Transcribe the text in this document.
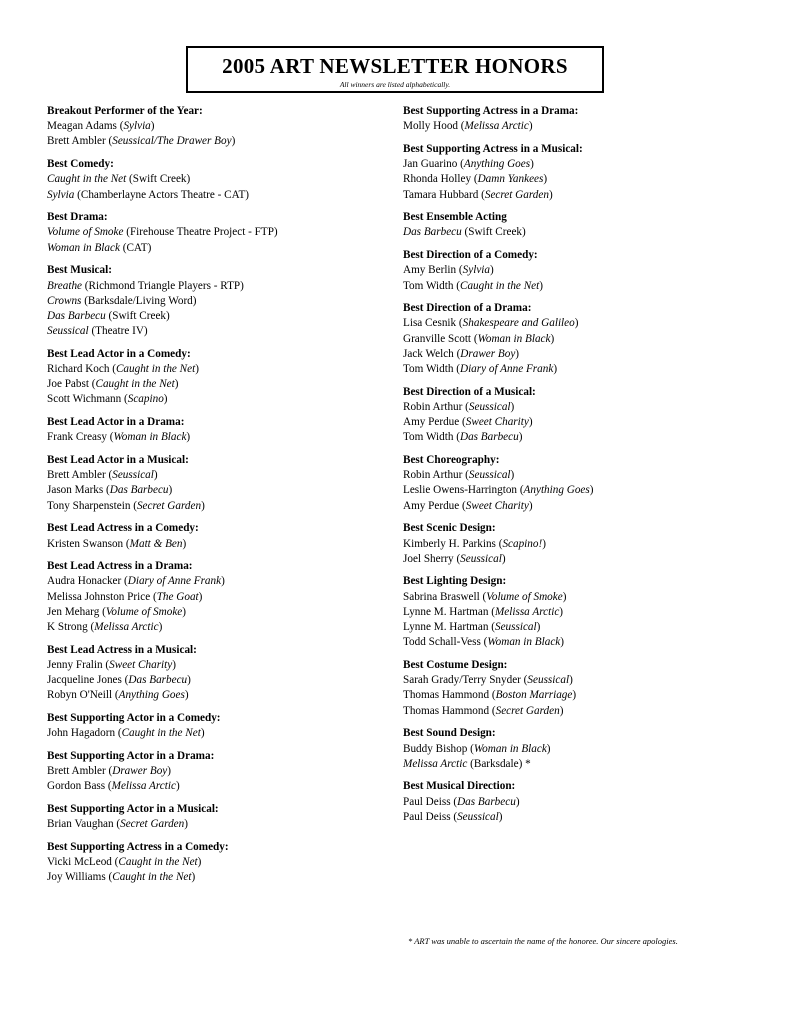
2005 ART NEWSLETTER HONORS
All winners are listed alphabetically.
Breakout Performer of the Year:
Meagan Adams (Sylvia)
Brett Ambler (Seussical/The Drawer Boy)
Best Comedy:
Caught in the Net (Swift Creek)
Sylvia (Chamberlayne Actors Theatre - CAT)
Best Drama:
Volume of Smoke (Firehouse Theatre Project - FTP)
Woman in Black (CAT)
Best Musical:
Breathe (Richmond Triangle Players - RTP)
Crowns (Barksdale/Living Word)
Das Barbecu (Swift Creek)
Seussical (Theatre IV)
Best Lead Actor in a Comedy:
Richard Koch (Caught in the Net)
Joe Pabst (Caught in the Net)
Scott Wichmann (Scapino)
Best Lead Actor in a Drama:
Frank Creasy (Woman in Black)
Best Lead Actor in a Musical:
Brett Ambler (Seussical)
Jason Marks (Das Barbecu)
Tony Sharpenstein (Secret Garden)
Best Lead Actress in a Comedy:
Kristen Swanson (Matt & Ben)
Best Lead Actress in a Drama:
Audra Honacker (Diary of Anne Frank)
Melissa Johnston Price (The Goat)
Jen Meharg (Volume of Smoke)
K Strong (Melissa Arctic)
Best Lead Actress in a Musical:
Jenny Fralin (Sweet Charity)
Jacqueline Jones (Das Barbecu)
Robyn O'Neill (Anything Goes)
Best Supporting Actor in a Comedy:
John Hagadorn (Caught in the Net)
Best Supporting Actor in a Drama:
Brett Ambler (Drawer Boy)
Gordon Bass (Melissa Arctic)
Best Supporting Actor in a Musical:
Brian Vaughan (Secret Garden)
Best Supporting Actress in a Comedy:
Vicki McLeod (Caught in the Net)
Joy Williams (Caught in the Net)
Best Supporting Actress in a Drama:
Molly Hood (Melissa Arctic)
Best Supporting Actress in a Musical:
Jan Guarino (Anything Goes)
Rhonda Holley (Damn Yankees)
Tamara Hubbard (Secret Garden)
Best Ensemble Acting
Das Barbecu (Swift Creek)
Best Direction of a Comedy:
Amy Berlin (Sylvia)
Tom Width (Caught in the Net)
Best Direction of a Drama:
Lisa Cesnik (Shakespeare and Galileo)
Granville Scott (Woman in Black)
Jack Welch (Drawer Boy)
Tom Width (Diary of Anne Frank)
Best Direction of a Musical:
Robin Arthur (Seussical)
Amy Perdue (Sweet Charity)
Tom Width (Das Barbecu)
Best Choreography:
Robin Arthur (Seussical)
Leslie Owens-Harrington (Anything Goes)
Amy Perdue (Sweet Charity)
Best Scenic Design:
Kimberly H. Parkins (Scapino!)
Joel Sherry (Seussical)
Best Lighting Design:
Sabrina Braswell (Volume of Smoke)
Lynne M. Hartman (Melissa Arctic)
Lynne M. Hartman (Seussical)
Todd Schall-Vess (Woman in Black)
Best Costume Design:
Sarah Grady/Terry Snyder (Seussical)
Thomas Hammond (Boston Marriage)
Thomas Hammond (Secret Garden)
Best Sound Design:
Buddy Bishop (Woman in Black)
Melissa Arctic (Barksdale) *
Best Musical Direction:
Paul Deiss (Das Barbecu)
Paul Deiss (Seussical)
* ART was unable to ascertain the name of the honoree. Our sincere apologies.
